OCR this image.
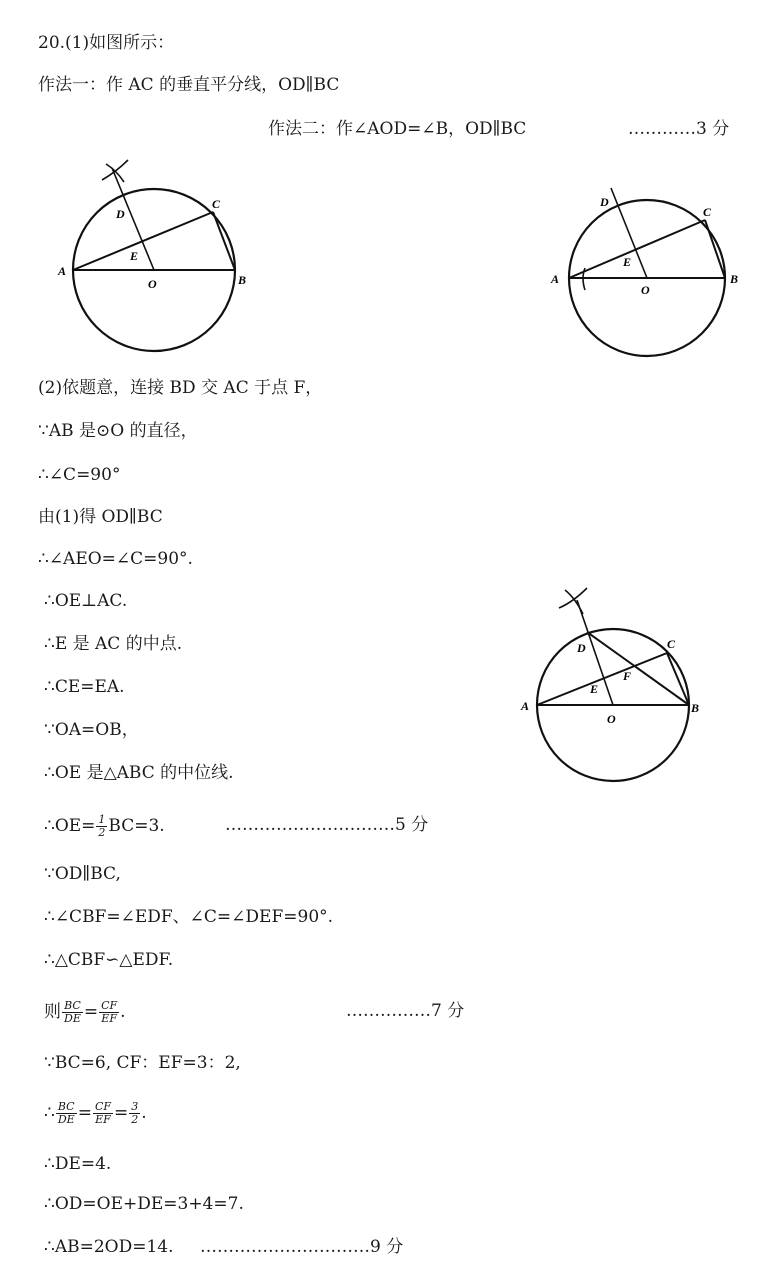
20.(1)如图所示：
作法一：作 AC 的垂直平分线，OD∥BC
作法二：作∠AOD=∠B，OD∥BC	…………3 分
D
C
A
E
O	B
D
C
A
E
O
B
(2)依题意，连接 BD 交 AC 于点 F，
∵AB 是⊙O 的直径，
∴∠C=90°
由(1)得 OD∥BC
∴∠AEO=∠C=90°.
∴OE⊥AC.
∴E 是 AC 的中点.
∴CE=EA.
∵OA=OB，
∴OE 是△ABC 的中位线.
∴OE= $\frac{1}{2} BC=3$.	…………………………5 分
∵OD∥BC,
∴∠CBF=∠EDF、∠C=∠DEF=90°.
∴△CBF∽△EDF.
则 $\frac{BC}{DE} = \frac{CF}{EF}$ .	……………7 分
∵BC=6, CF：EF=3：2,
∴ $\frac{BC}{DE} = \frac{CF}{EF} = \frac{3}{2}$ .
∴DE=4.
∴OD=OE+DE=3+4=7.
∴AB=2OD=14. …………………………9 分
D	C
A
E
F
O
B
